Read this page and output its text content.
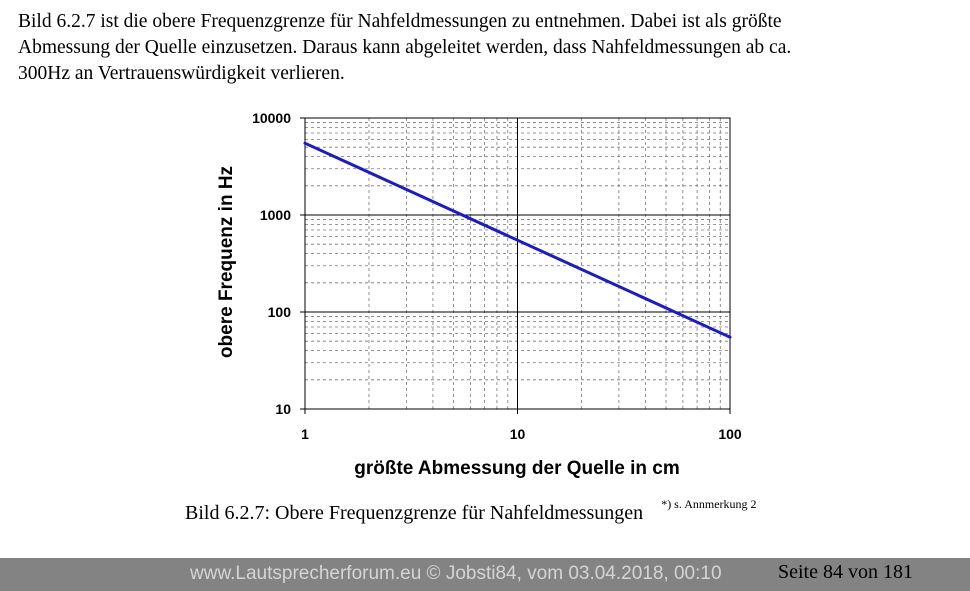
Bild 6.2.7 ist die obere Frequenzgrenze für Nahfeldmessungen zu entnehmen. Dabei ist als größte
Abmessung der Quelle einzusetzen. Daraus kann abgeleitet werden, dass Nahfeldmessungen ab ca.
300Hz an Vertrauenswürdigkeit verlieren.
10
100
1000
10000
1	10	100
größte Abmessung der Quelle in cm
obere Frequenz in Hz
Bild 6.2.7: Obere Frequenzgrenze für Nahfeldmessungen $^{*) s. Annmerkung 2}$
www.Lautsprecherforum.eu © Jobsti84, vom 03.04.2018, 00:10	Seite 84 von 181
